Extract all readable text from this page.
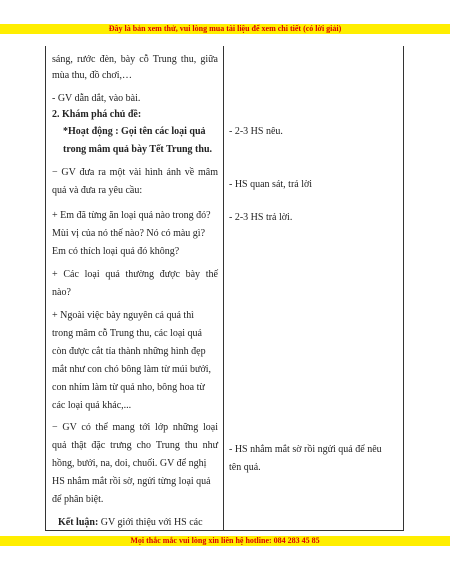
Đây là bản xem thử, vui lòng mua tài liệu để xem chi tiết (có lời giải)
sáng, rước đèn, bày cỗ Trung thu, giữa
mùa thu, đồ chơi,…
- GV dẫn dắt, vào bài.
2. Khám phá chủ đề:
*Hoạt động : Gọi tên các loại quả
trong mâm quả bày Tết Trung thu.
− GV đưa ra một vài hình ảnh về mâm
quả và đưa ra yêu cầu:
+ Em đã từng ăn loại quả nào trong đó?
Mùi vị của nó thế nào? Nó có màu gì?
Em có thích loại quả đó không?
+ Các loại quả thường được bày thế
nào?
+ Ngoài việc bày nguyên cả quả thì
trong mâm cỗ Trung thu, các loại quả
còn được cắt tỉa thành những hình đẹp
mắt như con chó bông làm từ múi bưởi,
con nhím làm từ quả nho, bông hoa từ
các loại quả khác,...
− GV có thể mang tới lớp những loại
quả thật đặc trưng cho Trung thu như
hồng, bưởi, na, doi, chuối. GV để nghị
HS nhắm mắt rồi sờ, ngửi từng loại quả
để phân biệt.
Kết luận: GV giới thiệu với HS các
- 2-3 HS nêu.
- HS quan sát, trả lời
- 2-3 HS trả lời.
- HS nhắm mắt sờ rồi ngửi quả để nêu
tên quả.
Mọi thắc mắc vui lòng xin liên hệ hotline: 084 283 45 85
